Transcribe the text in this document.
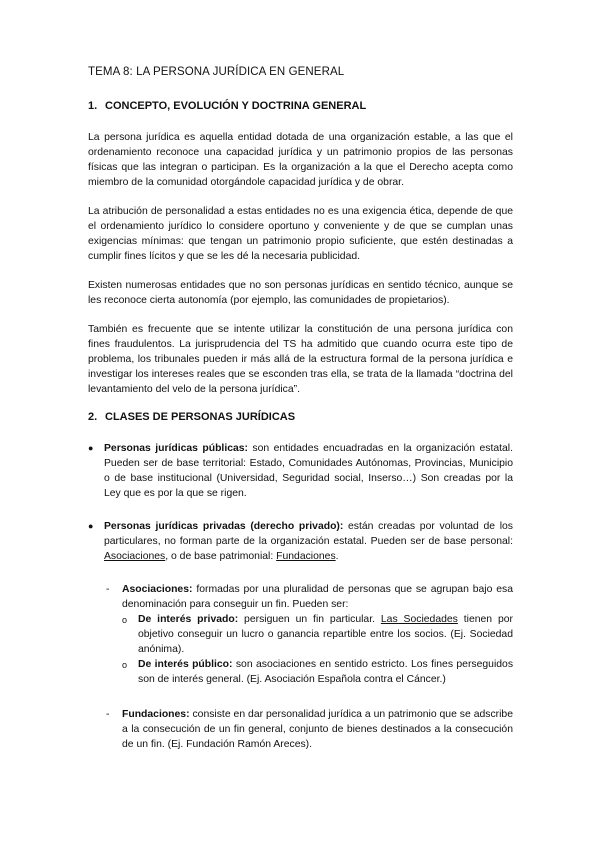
TEMA 8: LA PERSONA JURÍDICA EN GENERAL
1. CONCEPTO, EVOLUCIÓN Y DOCTRINA GENERAL

La persona jurídica es aquella entidad dotada de una organización estable, a las que el ordenamiento reconoce una capacidad jurídica y un patrimonio propios de las personas físicas que las integran o participan. Es la organización a la que el Derecho acepta como miembro de la comunidad otorgándole capacidad jurídica y de obrar.

La atribución de personalidad a estas entidades no es una exigencia ética, depende de que el ordenamiento jurídico lo considere oportuno y conveniente y de que se cumplan unas exigencias mínimas: que tengan un patrimonio propio suficiente, que estén destinadas a cumplir fines lícitos y que se les dé la necesaria publicidad.

Existen numerosas entidades que no son personas jurídicas en sentido técnico, aunque se les reconoce cierta autonomía (por ejemplo, las comunidades de propietarios).

También es frecuente que se intente utilizar la constitución de una persona jurídica con fines fraudulentos. La jurisprudencia del TS ha admitido que cuando ocurra este tipo de problema, los tribunales pueden ir más allá de la estructura formal de la persona jurídica e investigar los intereses reales que se esconden tras ella, se trata de la llamada “doctrina del levantamiento del velo de la persona jurídica”.

2. CLASES DE PERSONAS JURÍDICAS
●	Personas jurídicas públicas: son entidades encuadradas en la organización estatal. Pueden ser de base territorial: Estado, Comunidades Autónomas, Provincias, Municipio o de base institucional (Universidad, Seguridad social, Inserso…) Son creadas por la Ley que es por la que se rigen.
●	Personas jurídicas privadas (derecho privado): están creadas por voluntad de los particulares, no forman parte de la organización estatal. Pueden ser de base personal: Asociaciones, o de base patrimonial: Fundaciones.
-	Asociaciones: formadas por una pluralidad de personas que se agrupan bajo esa denominación para conseguir un fin. Pueden ser:
o	De interés privado: persiguen un fin particular. Las Sociedades tienen por objetivo conseguir un lucro o ganancia repartible entre los socios. (Ej. Sociedad anónima).
o	De interés público: son asociaciones en sentido estricto. Los fines perseguidos son de interés general. (Ej. Asociación Española contra el Cáncer.)
-	Fundaciones: consiste en dar personalidad jurídica a un patrimonio que se adscribe a la consecución de un fin general, conjunto de bienes destinados a la consecución de un fin. (Ej. Fundación Ramón Areces).
